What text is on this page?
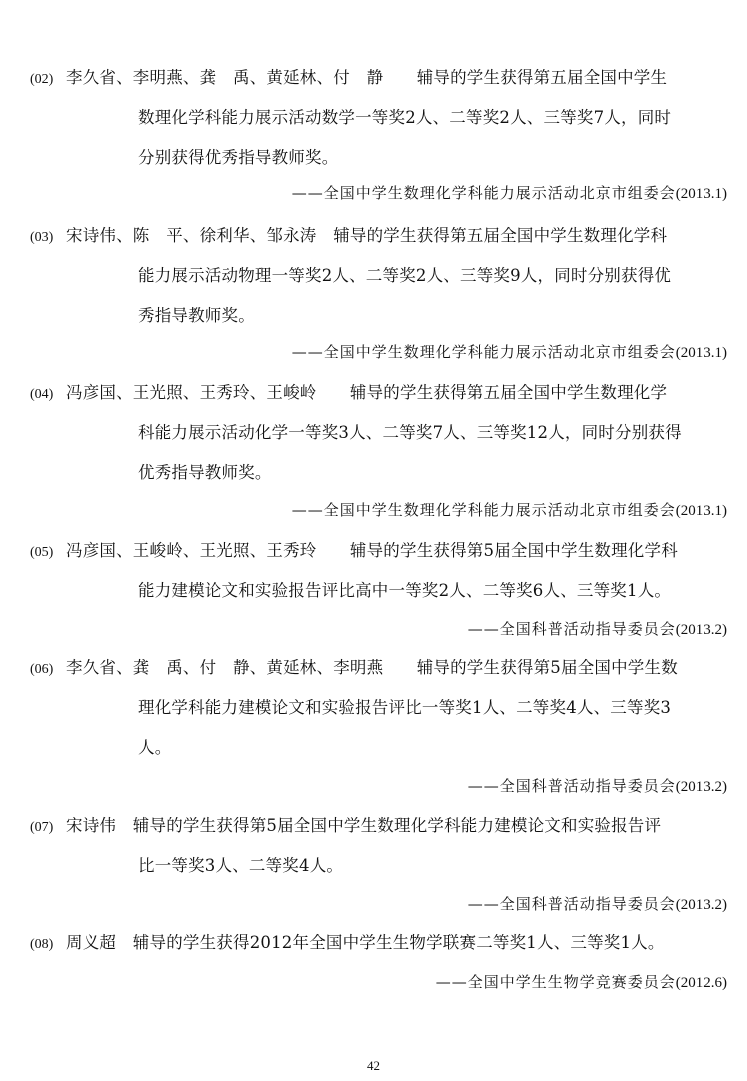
(02) 李久省、李明燕、龚　禹、黄延林、付　静　　辅导的学生获得第五届全国中学生
数理化学科能力展示活动数学一等奖2人、二等奖2人、三等奖7人，同时
分别获得优秀指导教师奖。
——全国中学生数理化学科能力展示活动北京市组委会(2013.1)
(03) 宋诗伟、陈　平、徐利华、邹永涛　辅导的学生获得第五届全国中学生数理化学科
能力展示活动物理一等奖2人、二等奖2人、三等奖9人，同时分别获得优
秀指导教师奖。
——全国中学生数理化学科能力展示活动北京市组委会(2013.1)
(04) 冯彦国、王光照、王秀玲、王峻岭　　辅导的学生获得第五届全国中学生数理化学
科能力展示活动化学一等奖3人、二等奖7人、三等奖12人，同时分别获得
优秀指导教师奖。
——全国中学生数理化学科能力展示活动北京市组委会(2013.1)
(05) 冯彦国、王峻岭、王光照、王秀玲　　辅导的学生获得第5届全国中学生数理化学科
能力建模论文和实验报告评比高中一等奖2人、二等奖6人、三等奖1人。
——全国科普活动指导委员会(2013.2)
(06) 李久省、龚　禹、付　静、黄延林、李明燕　　辅导的学生获得第5届全国中学生数
理化学科能力建模论文和实验报告评比一等奖1人、二等奖4人、三等奖3
人。
——全国科普活动指导委员会(2013.2)
(07) 宋诗伟　辅导的学生获得第5届全国中学生数理化学科能力建模论文和实验报告评
比一等奖3人、二等奖4人。
——全国科普活动指导委员会(2013.2)
(08) 周义超　辅导的学生获得2012年全国中学生生物学联赛二等奖1人、三等奖1人。
——全国中学生生物学竞赛委员会(2012.6)
42
